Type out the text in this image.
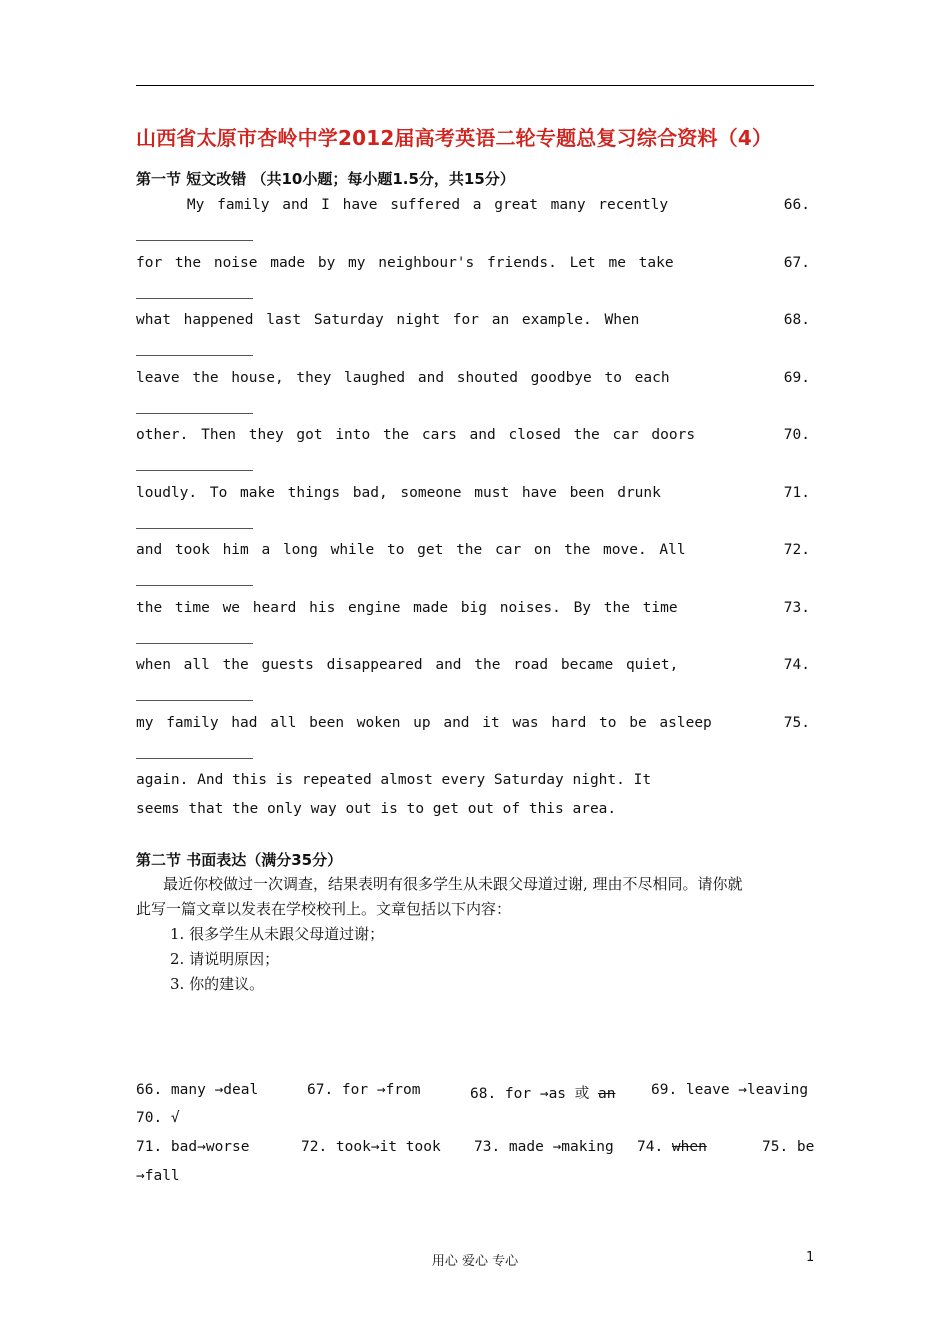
山西省太原市杏岭中学2012届高考英语二轮专题总复习综合资料（4）
第一节 短文改错 （共10小题；每小题1.5分，共15分）
My family and I have suffered a great many recently	66.
for the noise made by my neighbour's friends. Let me take	67.
what happened last Saturday night for an example. When	68.
leave the house, they laughed and shouted goodbye to each	69.
other. Then they got into the cars and closed the car doors	70.
loudly. To make things bad, someone must have been drunk	71.
and took him a long while to get the car on the move. All	72.
the time we heard his engine made big noises. By the time	73.
when all the guests disappeared and the road became quiet,	74.
my family had all been woken up and it was hard to be asleep	75.
again. And this is repeated almost every Saturday night. It
seems that the only way out is to get out of this area.
第二节 书面表达（满分35分）
最近你校做过一次调查，结果表明有很多学生从未跟父母道过谢, 理由不尽相同。请你就
此写一篇文章以发表在学校校刊上。文章包括以下内容：
1. 很多学生从未跟父母道过谢；
2. 请说明原因；
3. 你的建议。
66. many →deal	67. for →from	68. for →as 或 an 69. leave →leaving
70. √
71. bad→worse	72. took→it took 73. made →making 74. when	75. be
→fall
用心 爱心 专心	1
